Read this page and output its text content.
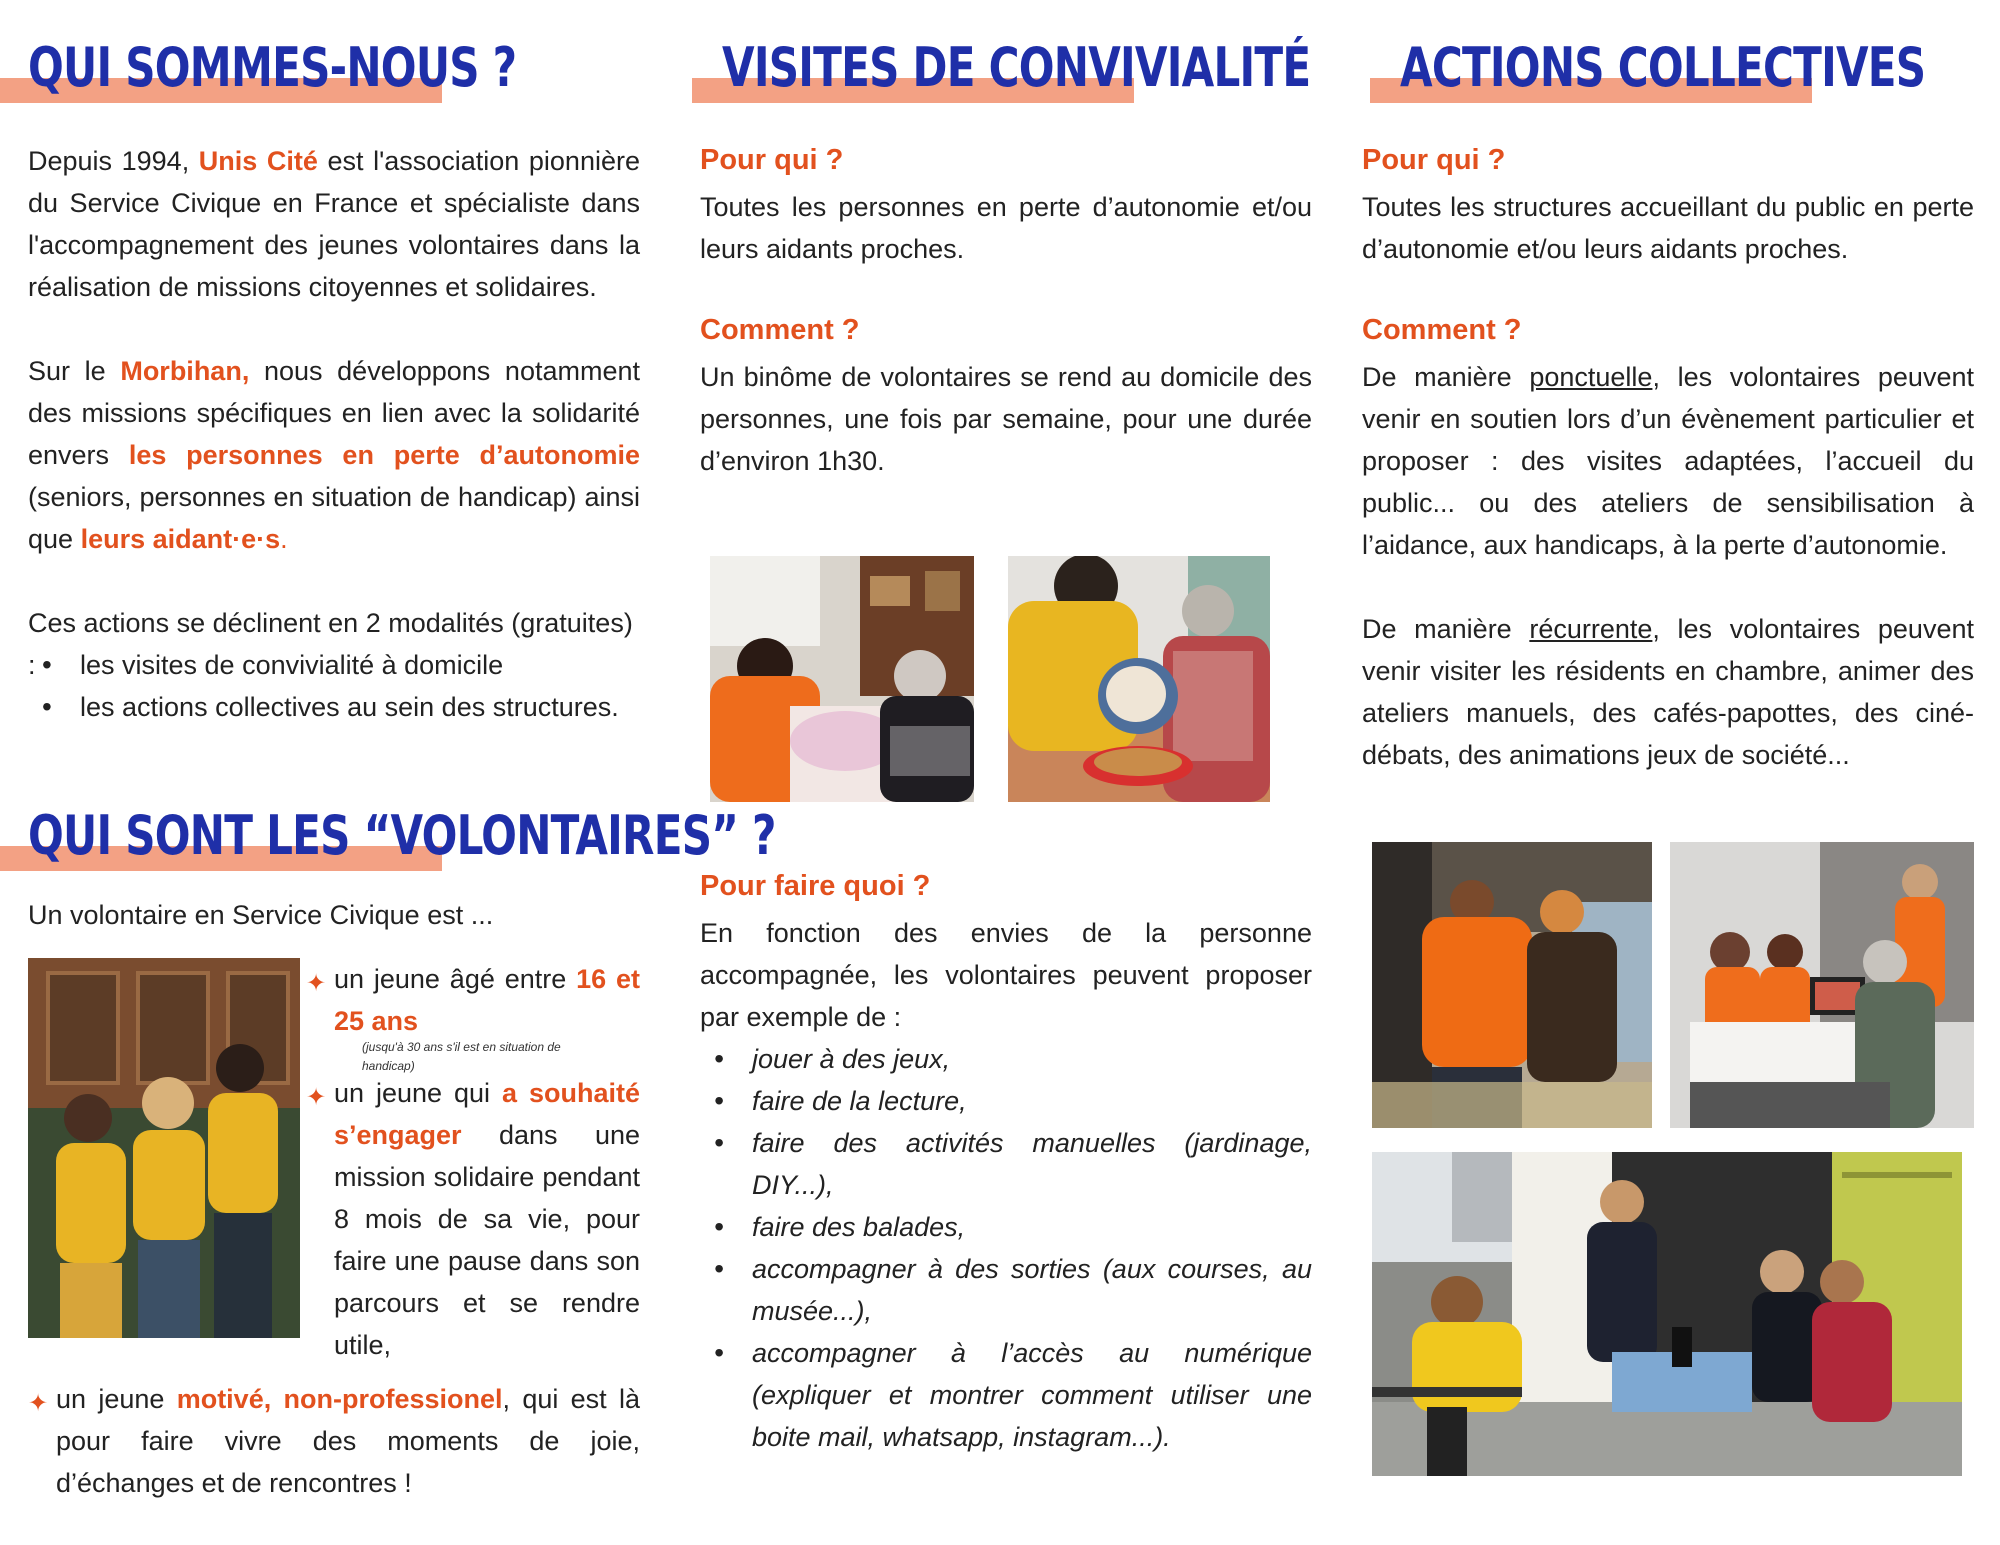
QUI SOMMES-NOUS ?

Depuis 1994, Unis Cité est l'association pionnière du Service Civique en France et spécialiste dans l'accompagnement des jeunes volontaires dans la réalisation de missions citoyennes et solidaires.

Sur le Morbihan, nous développons notamment des missions spécifiques en lien avec la solidarité envers les personnes en perte d’autonomie (seniors, personnes en situation de handicap) ainsi que leurs aidant·e·s.

Ces actions se déclinent en 2 modalités (gratuites) :

•	les visites de convivialité à domicile
• les actions collectives au sein des structures.
QUI SONT LES “VOLONTAIRES” ?

Un volontaire en Service Civique est ...

✦ un jeune âgé entre 16 et 25 ans

(jusqu'à 30 ans s'il est en situation de handicap)

✦ un jeune qui a souhaité s’engager dans une mission solidaire pendant 8 mois de sa vie, pour faire une pause dans son parcours et se rendre utile,

✦ un jeune motivé, non-professionel, qui est là pour faire vivre des moments de joie, d’échanges et de rencontres !

VISITES DE CONVIVIALITÉ
Pour qui ?

Toutes les personnes en perte d’autonomie et/ou leurs aidants proches.

Comment ?

Un binôme de volontaires se rend au domicile des personnes, une fois par semaine, pour une durée d’environ 1h30.

Pour faire quoi ?

En fonction des envies de la personne accompagnée, les volontaires peuvent proposer par exemple de :

• jouer à des jeux,
• faire de la lecture,
• faire des activités manuelles (jardinage, DIY...),
• faire des balades,
• accompagner à des sorties (aux courses, au musée...),
• accompagner à l’accès au numérique (expliquer et montrer comment utiliser une boite mail, whatsapp, instagram...).
ACTIONS COLLECTIVES
Pour qui ?

Toutes les structures accueillant du public en perte d’autonomie et/ou leurs aidants proches.

Comment ?

De manière ponctuelle, les volontaires peuvent venir en soutien lors d’un évènement particulier et proposer : des visites adaptées, l’accueil du public... ou des ateliers de sensibilisation à l’aidance, aux handicaps, à la perte d’autonomie.

De manière récurrente, les volontaires peuvent venir visiter les résidents en chambre, animer des ateliers manuels, des cafés-papottes, des ciné-débats, des animations jeux de société...
